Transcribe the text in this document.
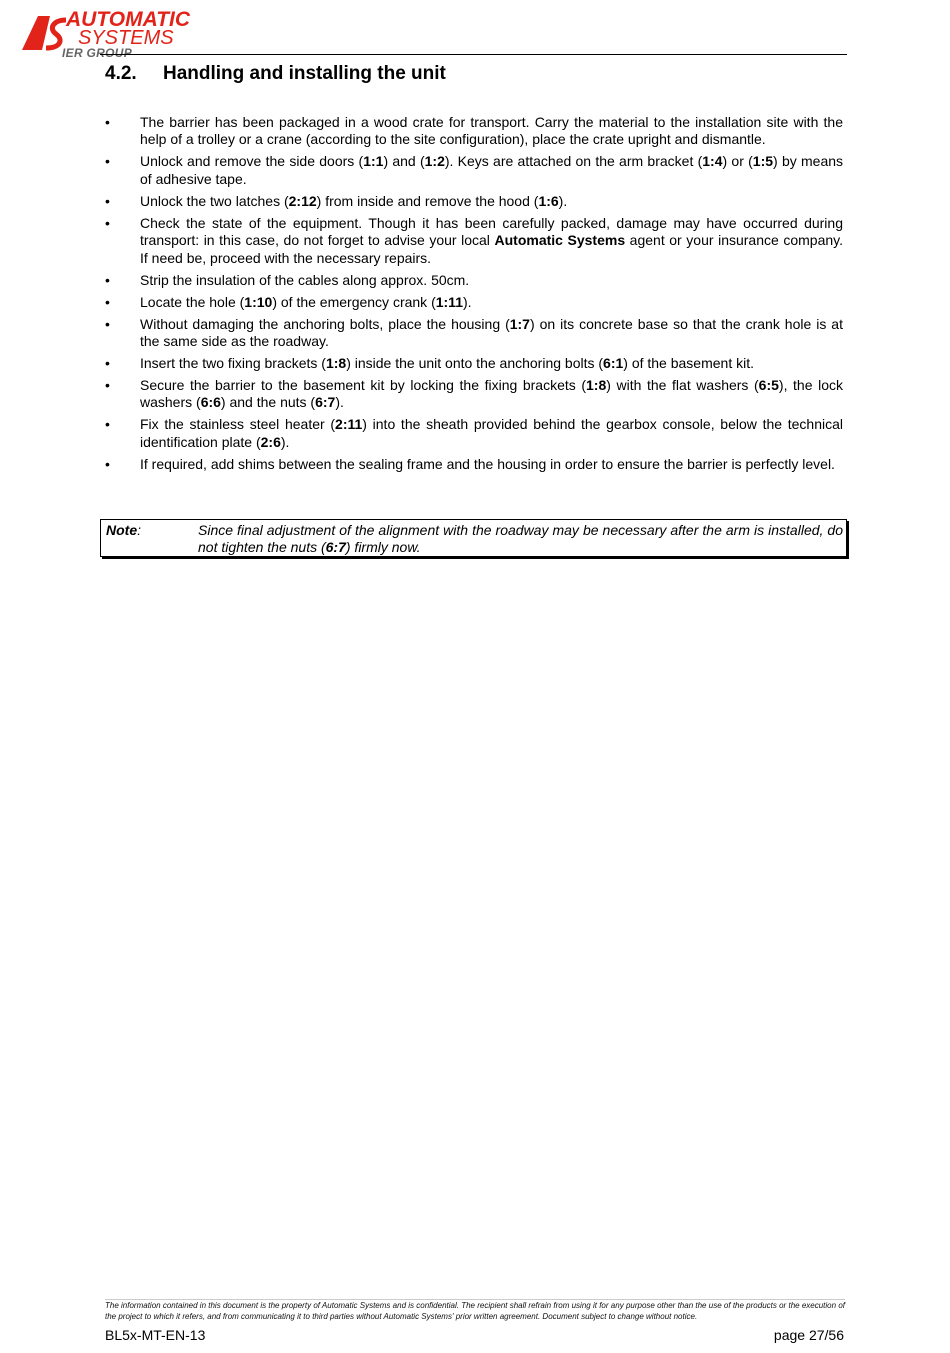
AUTOMATIC
SYSTEMS
IER GROUP
4.2. Handling and installing the unit
• The barrier has been packaged in a wood crate for transport. Carry the material to the installation site with the help of a trolley or a crane (according to the site configuration), place the crate upright and dismantle.
• Unlock and remove the side doors (1:1) and (1:2). Keys are attached on the arm bracket (1:4) or (1:5) by means of adhesive tape.
• Unlock the two latches (2:12) from inside and remove the hood (1:6).
• Check the state of the equipment. Though it has been carefully packed, damage may have occurred during transport: in this case, do not forget to advise your local Automatic Systems agent or your insurance company. If need be, proceed with the necessary repairs.
• Strip the insulation of the cables along approx. 50cm.
• Locate the hole (1:10) of the emergency crank (1:11).
• Without damaging the anchoring bolts, place the housing (1:7) on its concrete base so that the crank hole is at the same side as the roadway.
• Insert the two fixing brackets (1:8) inside the unit onto the anchoring bolts (6:1) of the basement kit.
• Secure the barrier to the basement kit by locking the fixing brackets (1:8) with the flat washers (6:5), the lock washers (6:6) and the nuts (6:7).
• Fix the stainless steel heater (2:11) into the sheath provided behind the gearbox console, below the technical identification plate (2:6).
• If required, add shims between the sealing frame and the housing in order to ensure the barrier is perfectly level.
Note:	Since final adjustment of the alignment with the roadway may be necessary after the arm is installed, do not tighten the nuts (6:7) firmly now.
The information contained in this document is the property of Automatic Systems and is confidential. The recipient shall refrain from using it for any purpose other than the use of the products or the execution of the project to which it refers, and from communicating it to third parties without Automatic Systems' prior written agreement. Document subject to change without notice.
BL5x-MT-EN-13	page 27/56
